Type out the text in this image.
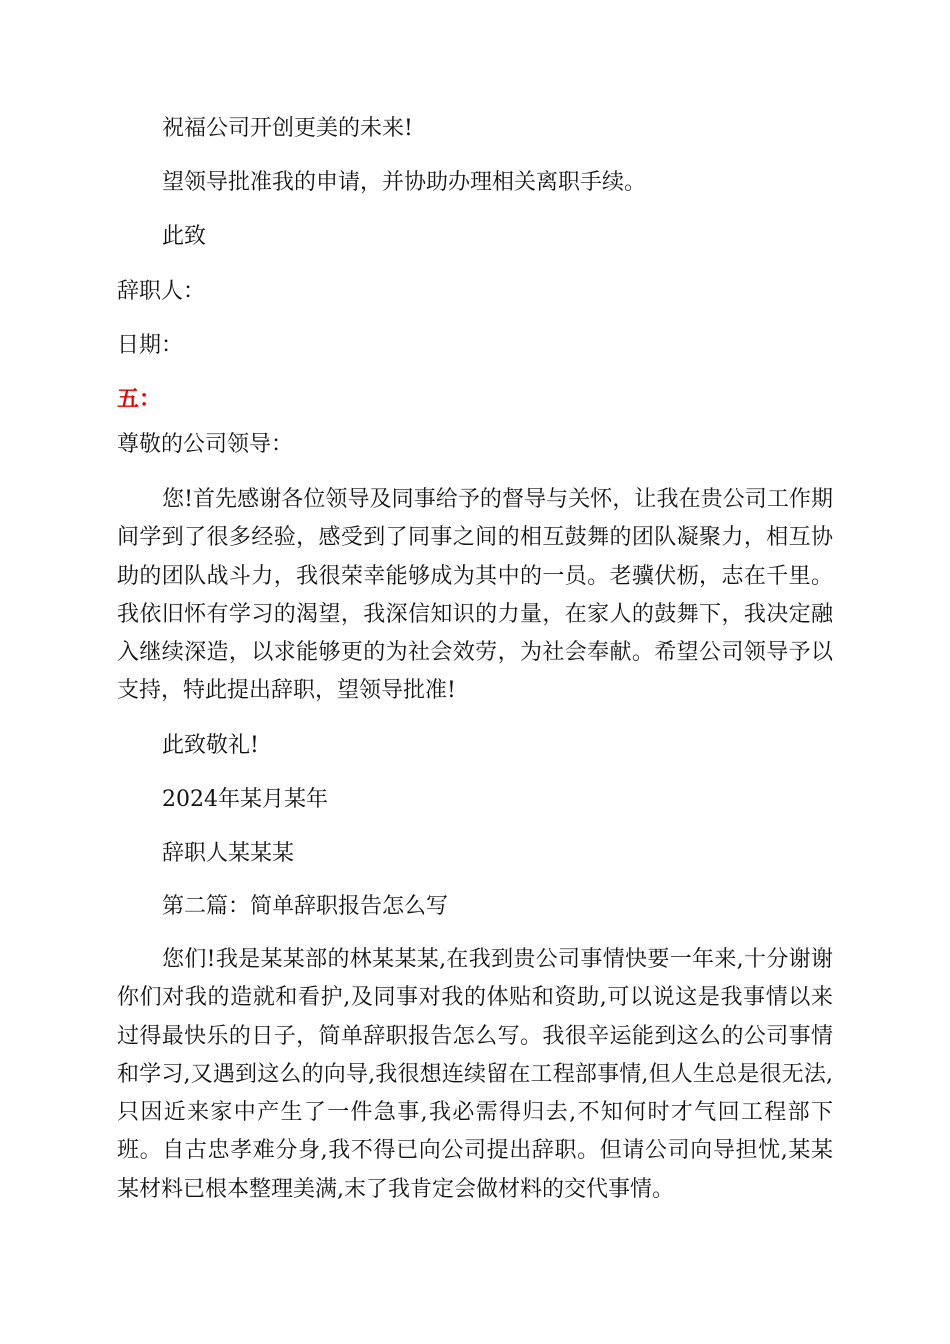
祝福公司开创更美的未来!
望领导批准我的申请，并协助办理相关离职手续。
此致
辞职人：
日期：
五：
尊敬的公司领导：
您!首先感谢各位领导及同事给予的督导与关怀，让我在贵公司工作期间学到了很多经验，感受到了同事之间的相互鼓舞的团队凝聚力，相互协助的团队战斗力，我很荣幸能够成为其中的一员。老骥伏枥，志在千里。我依旧怀有学习的渴望，我深信知识的力量，在家人的鼓舞下，我决定融入继续深造，以求能够更的为社会效劳，为社会奉献。希望公司领导予以支持，特此提出辞职，望领导批准!
此致敬礼!
2024年某月某年
辞职人某某某
第二篇：简单辞职报告怎么写
您们!我是某某部的林某某某,在我到贵公司事情快要一年来,十分谢谢你们对我的造就和看护,及同事对我的体贴和资助,可以说这是我事情以来过得最快乐的日子，简单辞职报告怎么写。我很辛运能到这么的公司事情和学习,又遇到这么的向导,我很想连续留在工程部事情,但人生总是很无法,只因近来家中产生了一件急事,我必需得归去,不知何时才气回工程部下班。自古忠孝难分身,我不得已向公司提出辞职。但请公司向导担忧,某某某材料已根本整理美满,末了我肯定会做材料的交代事情。
